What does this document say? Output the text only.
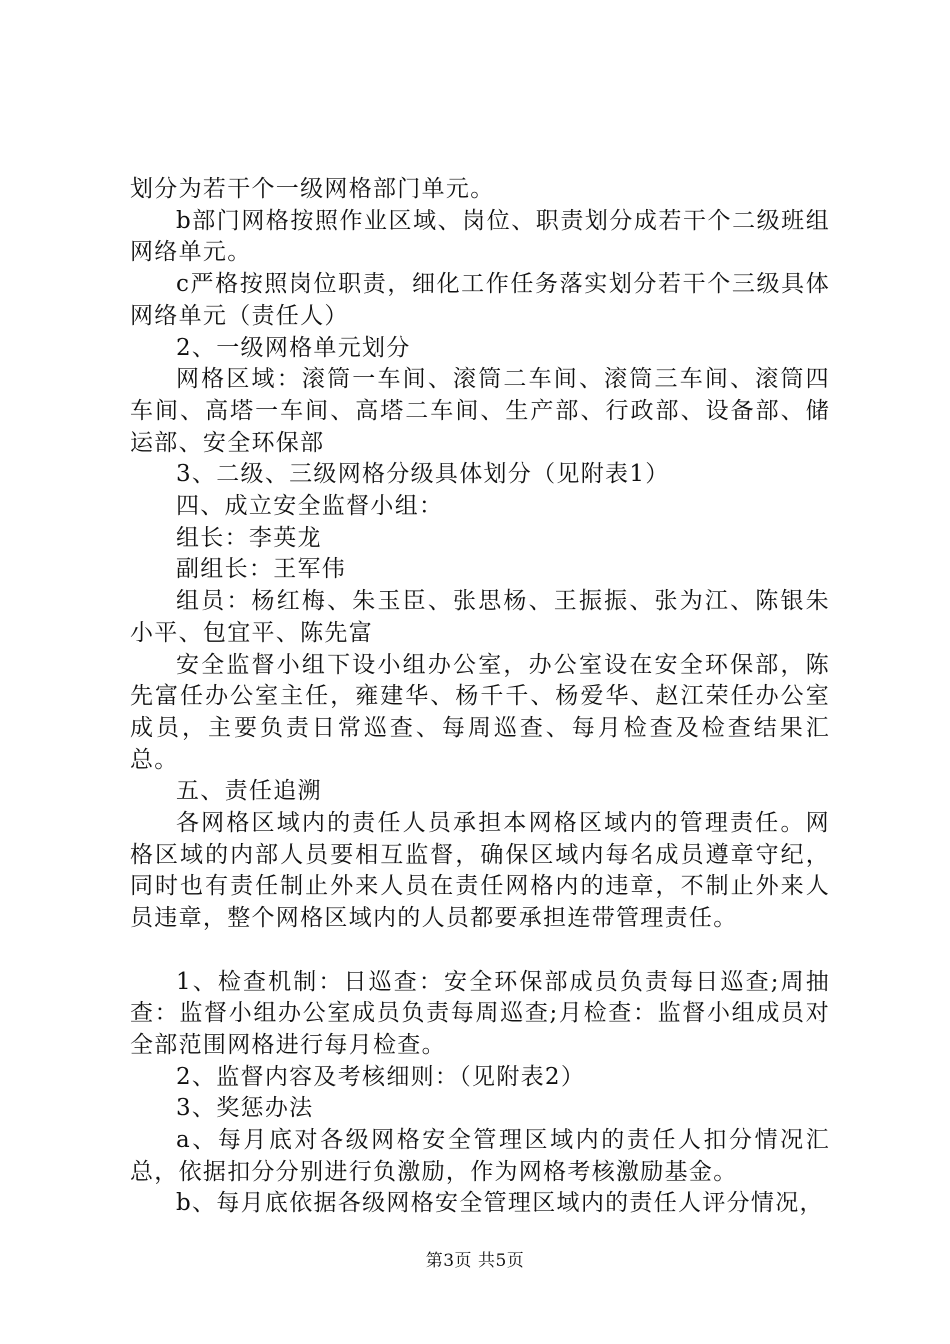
划分为若干个一级网格部门单元。

b部门网格按照作业区域、岗位、职责划分成若干个二级班组网络单元。

c严格按照岗位职责，细化工作任务落实划分若干个三级具体网络单元（责任人）

2、一级网格单元划分

网格区域：滚筒一车间、滚筒二车间、滚筒三车间、滚筒四车间、高塔一车间、高塔二车间、生产部、行政部、设备部、储运部、安全环保部

3、二级、三级网格分级具体划分（见附表1）

四、成立安全监督小组：

组长：李英龙

副组长：王军伟

组员：杨红梅、朱玉臣、张思杨、王振振、张为江、陈银朱小平、包宜平、陈先富

安全监督小组下设小组办公室，办公室设在安全环保部，陈先富任办公室主任，雍建华、杨千千、杨爱华、赵江荣任办公室成员，主要负责日常巡查、每周巡查、每月检查及检查结果汇总。

五、责任追溯

各网格区域内的责任人员承担本网格区域内的管理责任。网格区域的内部人员要相互监督，确保区域内每名成员遵章守纪，同时也有责任制止外来人员在责任网格内的违章，不制止外来人员违章，整个网格区域内的人员都要承担连带管理责任。

1、检查机制：日巡查：安全环保部成员负责每日巡查;周抽查：监督小组办公室成员负责每周巡查;月检查：监督小组成员对全部范围网格进行每月检查。

2、监督内容及考核细则：（见附表2）

3、奖惩办法

a、每月底对各级网格安全管理区域内的责任人扣分情况汇总，依据扣分分别进行负激励，作为网格考核激励基金。

b、每月底依据各级网格安全管理区域内的责任人评分情况，

第3页 共5页
